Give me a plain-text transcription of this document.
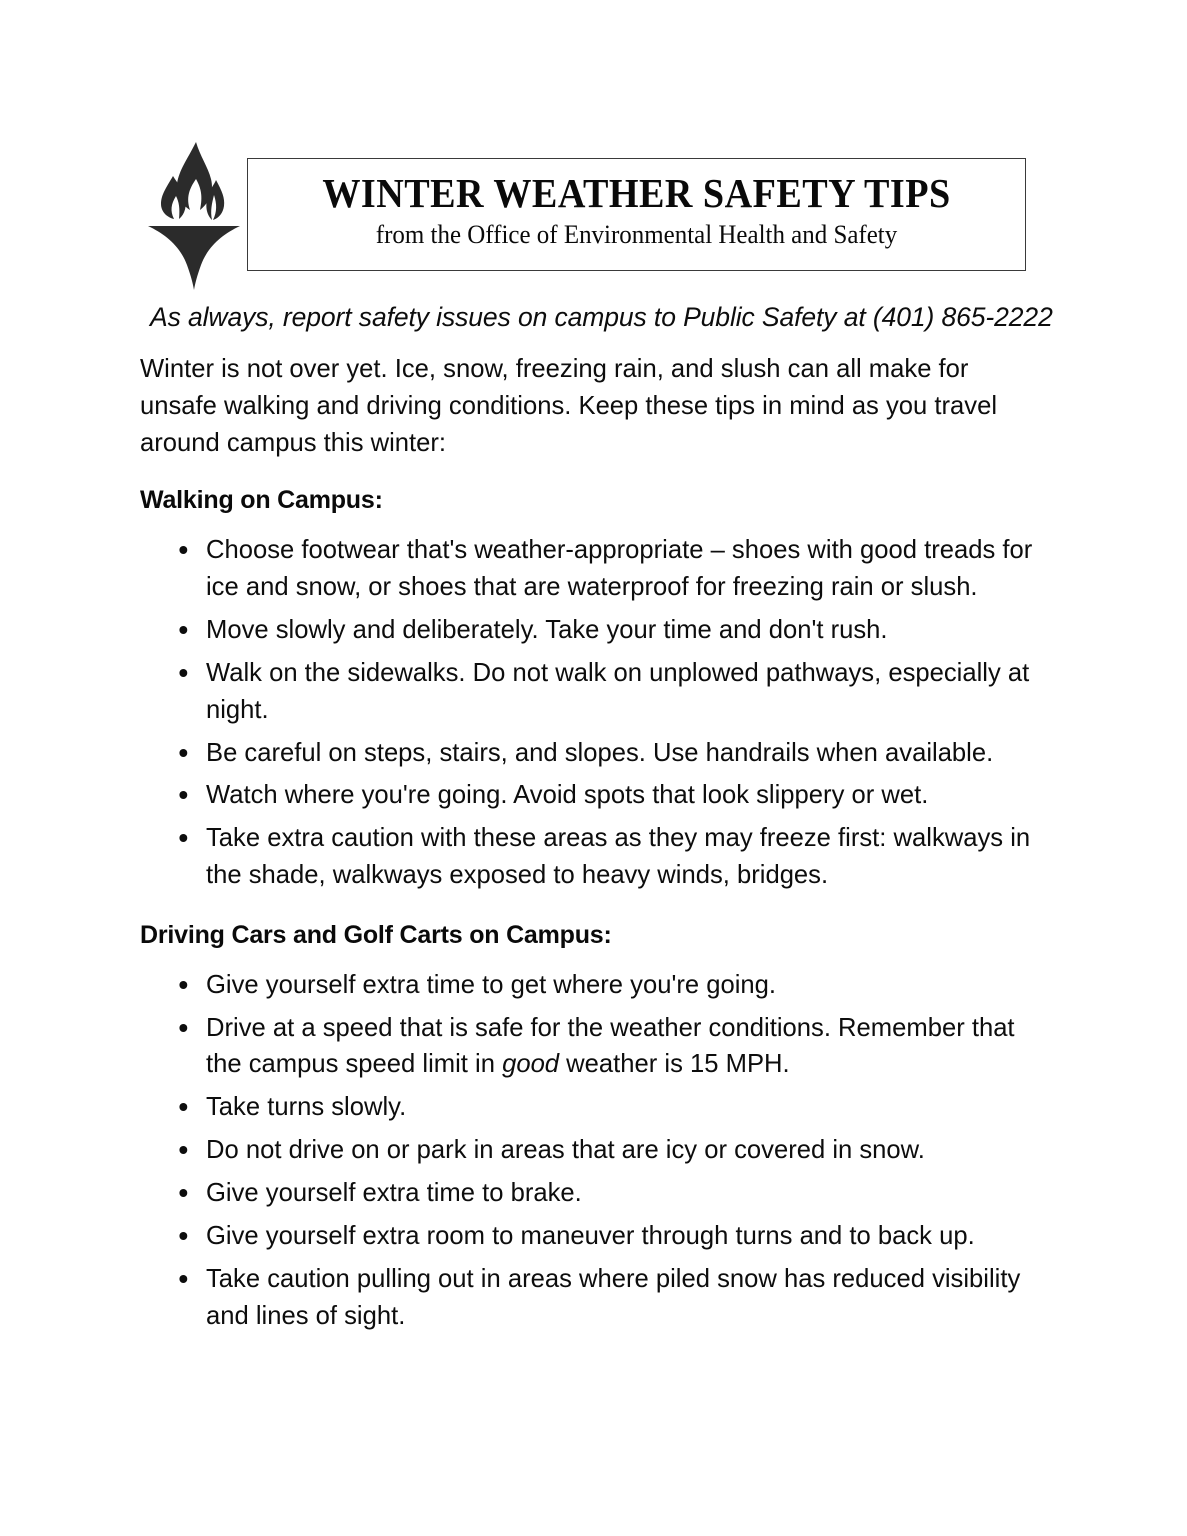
WINTER WEATHER SAFETY TIPS
from the Office of Environmental Health and Safety
As always, report safety issues on campus to Public Safety at (401) 865-2222

Winter is not over yet. Ice, snow, freezing rain, and slush can all make for unsafe walking and driving conditions. Keep these tips in mind as you travel around campus this winter:

Walking on Campus:
Choose footwear that's weather-appropriate – shoes with good treads for ice and snow, or shoes that are waterproof for freezing rain or slush.
Move slowly and deliberately. Take your time and don't rush.
Walk on the sidewalks. Do not walk on unplowed pathways, especially at night.
Be careful on steps, stairs, and slopes. Use handrails when available.
Watch where you're going. Avoid spots that look slippery or wet.
Take extra caution with these areas as they may freeze first: walkways in the shade, walkways exposed to heavy winds, bridges.
Driving Cars and Golf Carts on Campus:
Give yourself extra time to get where you're going.
Drive at a speed that is safe for the weather conditions. Remember that the campus speed limit in good weather is 15 MPH.
Take turns slowly.
Do not drive on or park in areas that are icy or covered in snow.
Give yourself extra time to brake.
Give yourself extra room to maneuver through turns and to back up.
Take caution pulling out in areas where piled snow has reduced visibility and lines of sight.
